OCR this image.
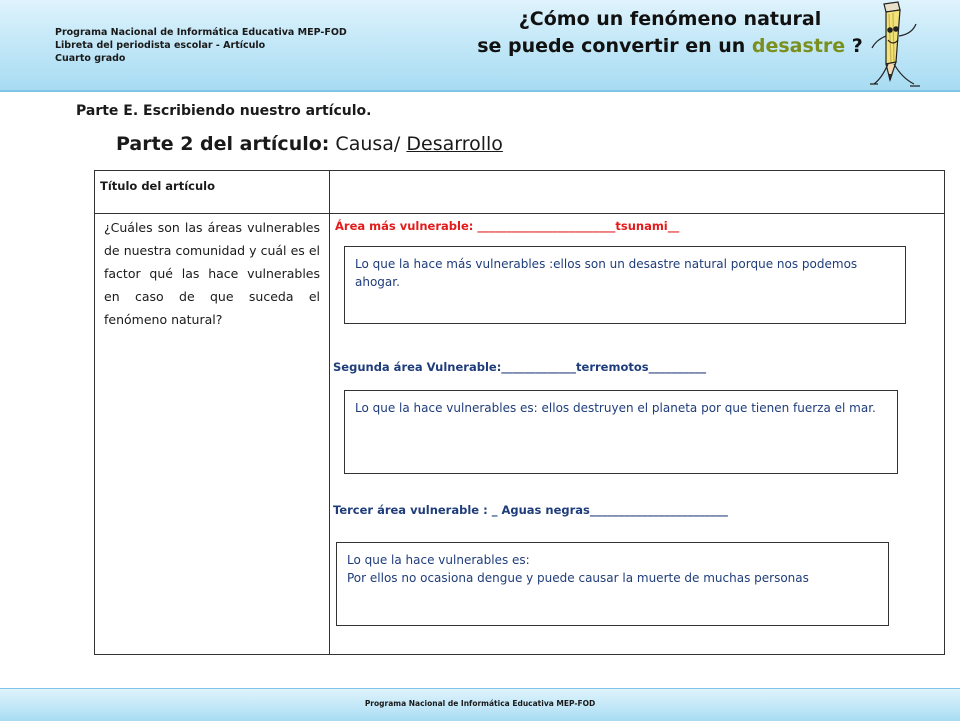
Programa Nacional de Informática Educativa MEP-FOD
Libreta del periodista escolar - Artículo
Cuarto grado
¿Cómo un fenómeno natural
se puede convertir en un desastre ?
Parte E. Escribiendo nuestro artículo.
Parte 2 del artículo: Causa/ Desarrollo
Título del artículo
¿Cuáles son las áreas vulnerables de nuestra comunidad y cuál es el factor qué las hace vulnerables en caso de que suceda el fenómeno natural?
Área más vulnerable: ________________________tsunami__
Lo que la hace más vulnerables :ellos son un desastre natural porque nos podemos ahogar.
Segunda área Vulnerable:_____________terremotos__________
Lo que la hace vulnerables es: ellos destruyen el planeta por que tienen fuerza el mar.
Tercer área vulnerable : _ Aguas negras________________________
Lo que la hace vulnerables es:
Por ellos no ocasiona dengue y puede causar la muerte de muchas personas
Programa Nacional de Informática Educativa MEP-FOD
